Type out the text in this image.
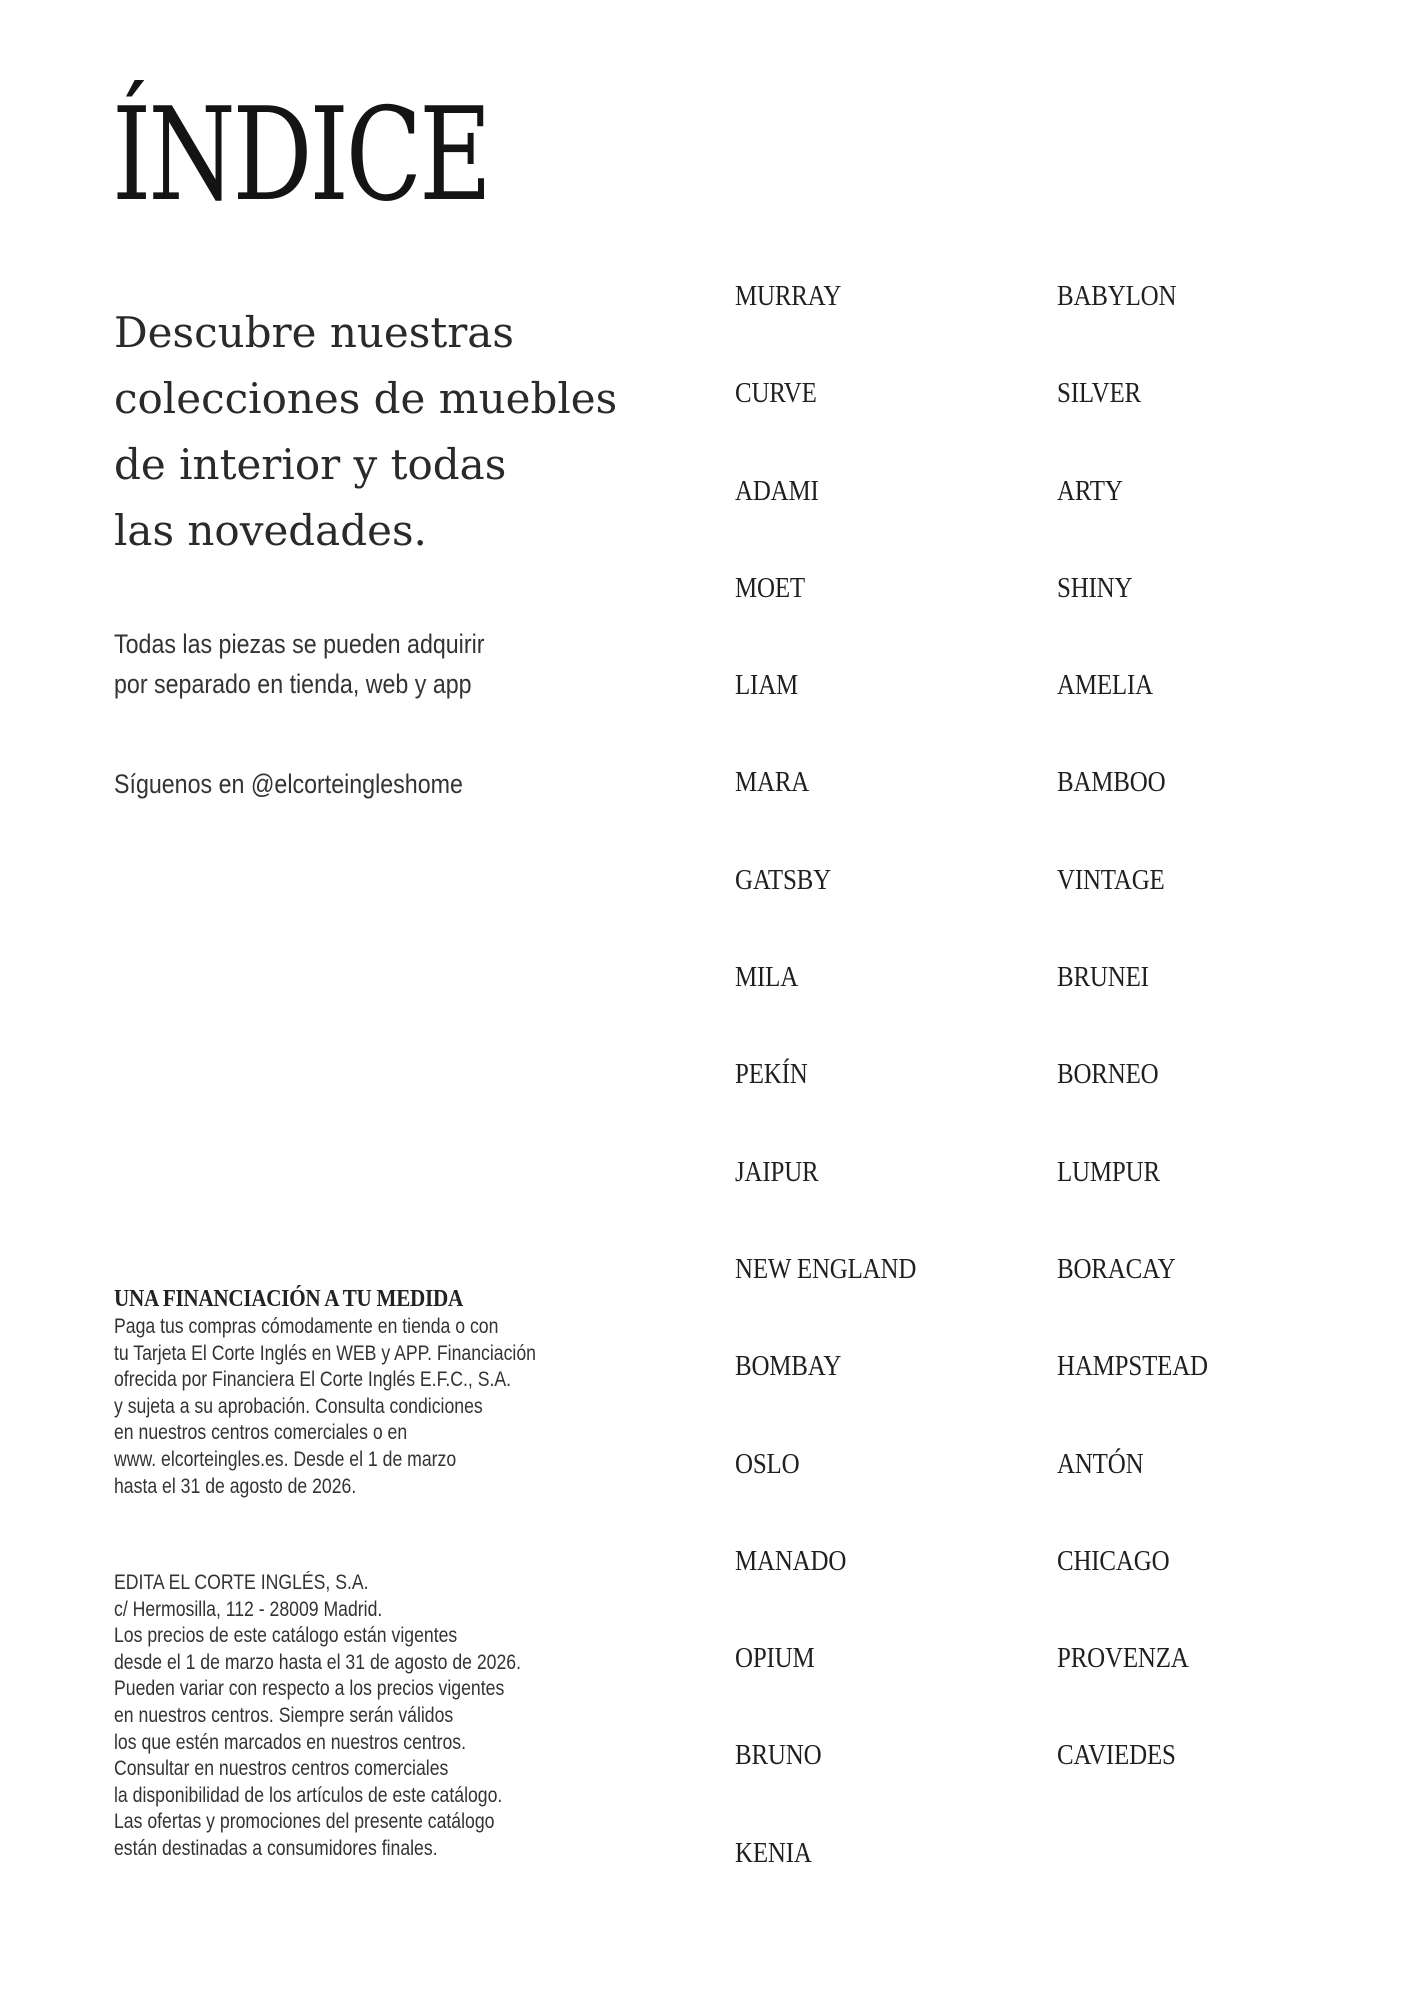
ÍNDICE

Descubre nuestras
colecciones de muebles
de interior y todas
las novedades.

Todas las piezas se pueden adquirir
por separado en tienda, web y app

Síguenos en @elcorteingleshome

UNA FINANCIACIÓN A TU MEDIDA

Paga tus compras cómodamente en tienda o con
tu Tarjeta El Corte Inglés en WEB y APP. Financiación
ofrecida por Financiera El Corte Inglés E.F.C., S.A.
y sujeta a su aprobación. Consulta condiciones
en nuestros centros comerciales o en
www. elcorteingles.es. Desde el 1 de marzo
hasta el 31 de agosto de 2026.

EDITA EL CORTE INGLÉS, S.A.
c/ Hermosilla, 112 - 28009 Madrid.
Los precios de este catálogo están vigentes
desde el 1 de marzo hasta el 31 de agosto de 2026.
Pueden variar con respecto a los precios vigentes
en nuestros centros. Siempre serán válidos
los que estén marcados en nuestros centros.
Consultar en nuestros centros comerciales
la disponibilidad de los artículos de este catálogo.
Las ofertas y promociones del presente catálogo
están destinadas a consumidores finales.

MURRAY
CURVE
ADAMI
MOET
LIAM
MARA
GATSBY
MILA
PEKÍN
JAIPUR
NEW ENGLAND
BOMBAY
OSLO
MANADO
OPIUM
BRUNO
KENIA
BABYLON
SILVER
ARTY
SHINY
AMELIA
BAMBOO
VINTAGE
BRUNEI
BORNEO
LUMPUR
BORACAY
HAMPSTEAD
ANTÓN
CHICAGO
PROVENZA
CAVIEDES
